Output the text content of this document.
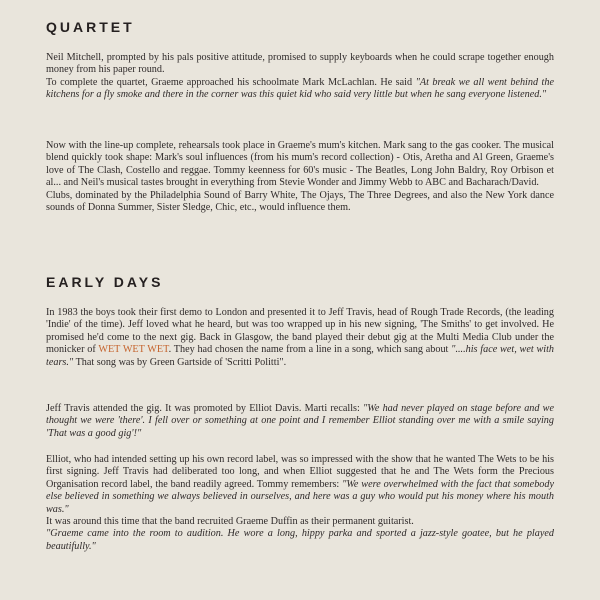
QUARTET

Neil Mitchell, prompted by his pals positive attitude, promised to supply keyboards when he could scrape together enough money from his paper round.

To complete the quartet, Graeme approached his schoolmate Mark McLachlan. He said "At break we all went behind the kitchens for a fly smoke and there in the corner was this quiet kid who said very little but when he sang everyone listened."

Now with the line-up complete, rehearsals took place in Graeme's mum's kitchen. Mark sang to the gas cooker. The musical blend quickly took shape: Mark's soul influences (from his mum's record collection) - Otis, Aretha and Al Green, Graeme's love of The Clash, Costello and reggae. Tommy keenness for 60's music - The Beatles, Long John Baldry, Roy Orbison et al... and Neil's musical tastes brought in everything from Stevie Wonder and Jimmy Webb to ABC and Bacharach/David.

Clubs, dominated by the Philadelphia Sound of Barry White, The Ojays, The Three Degrees, and also the New York dance sounds of Donna Summer, Sister Sledge, Chic, etc., would influence them.

EARLY DAYS

In 1983 the boys took their first demo to London and presented it to Jeff Travis, head of Rough Trade Records, (the leading 'Indie' of the time). Jeff loved what he heard, but was too wrapped up in his new signing, 'The Smiths' to get involved. He promised he'd come to the next gig. Back in Glasgow, the band played their debut gig at the Multi Media Club under the monicker of WET WET WET. They had chosen the name from a line in a song, which sang about "....his face wet, wet with tears." That song was by Green Gartside of 'Scritti Politti".

Jeff Travis attended the gig. It was promoted by Elliot Davis. Marti recalls: "We had never played on stage before and we thought we were 'there'. I fell over or something at one point and I remember Elliot standing over me with a smile saying 'That was a good gig'!"

Elliot, who had intended setting up his own record label, was so impressed with the show that he wanted The Wets to be his first signing. Jeff Travis had deliberated too long, and when Elliot suggested that he and The Wets form the Precious Organisation record label, the band readily agreed. Tommy remembers: "We were overwhelmed with the fact that somebody else believed in something we always believed in ourselves, and here was a guy who would put his money where his mouth was."

It was around this time that the band recruited Graeme Duffin as their permanent guitarist.

"Graeme came into the room to audition. He wore a long, hippy parka and sported a jazz-style goatee, but he played beautifully."
